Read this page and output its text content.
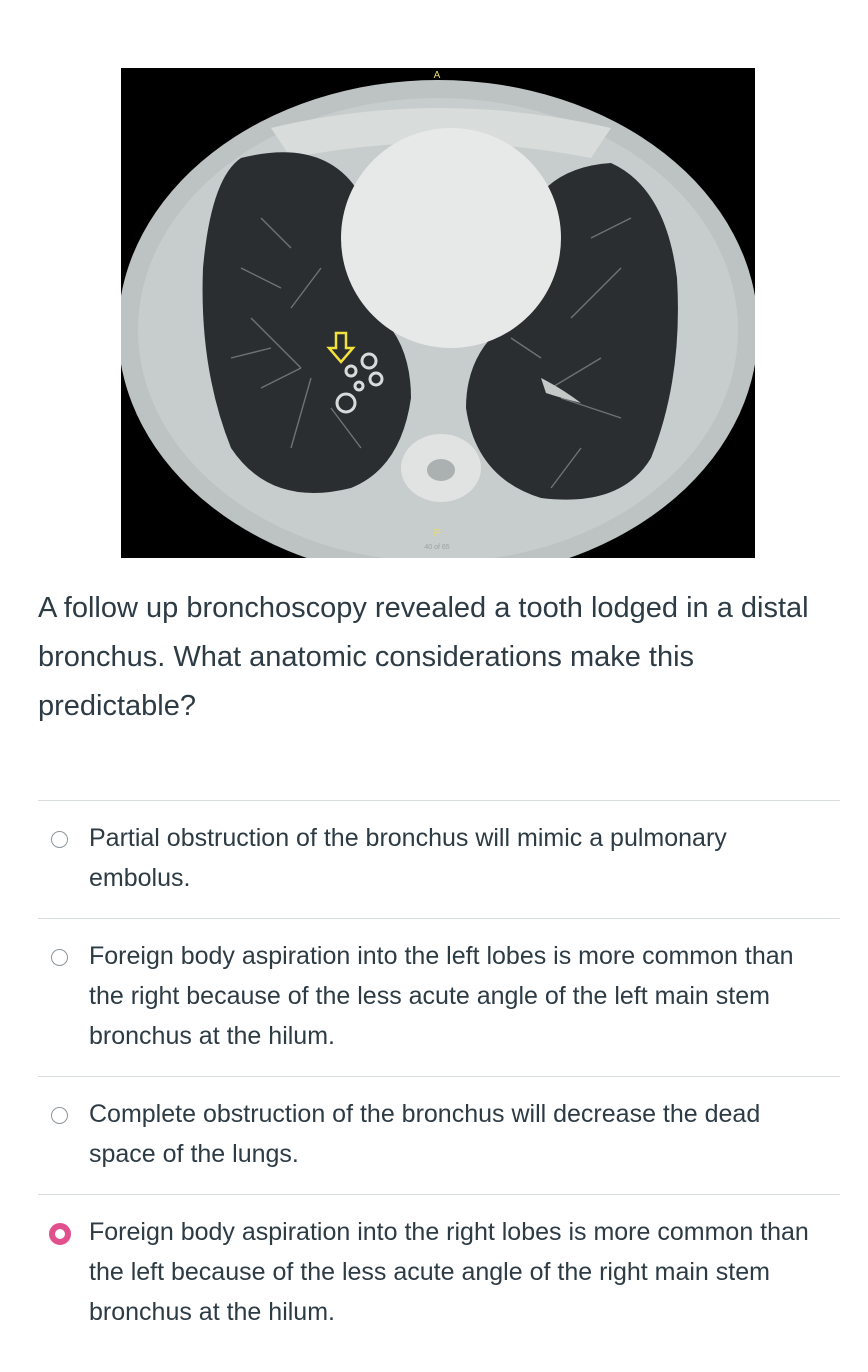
A
P
40 of 65

A follow up bronchoscopy revealed a tooth lodged in a distal bronchus. What anatomic considerations make this predictable?

Partial obstruction of the bronchus will mimic a pulmonary embolus.
Foreign body aspiration into the left lobes is more common than the right because of the less acute angle of the left main stem bronchus at the hilum.
Complete obstruction of the bronchus will decrease the dead space of the lungs.
Foreign body aspiration into the right lobes is more common than the left because of the less acute angle of the right main stem bronchus at the hilum.
